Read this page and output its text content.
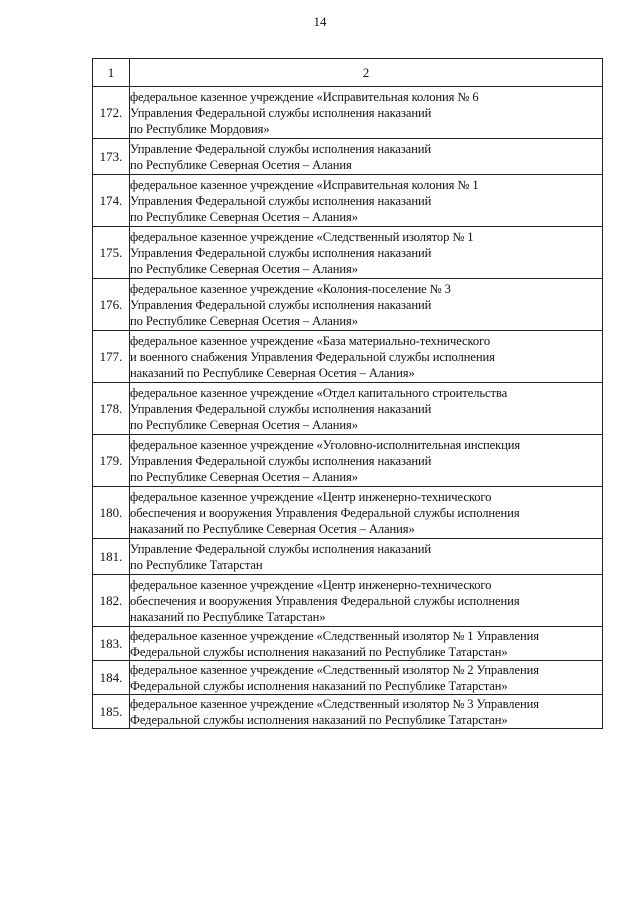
14
1	2
172.	федеральное казенное учреждение «Исправительная колония № 6
Управления Федеральной службы исполнения наказаний
по Республике Мордовия»

173.	Управление Федеральной службы исполнения наказаний
по Республике Северная Осетия – Алания

174.	федеральное казенное учреждение «Исправительная колония № 1
Управления Федеральной службы исполнения наказаний
по Республике Северная Осетия – Алания»

175.	федеральное казенное учреждение «Следственный изолятор № 1
Управления Федеральной службы исполнения наказаний
по Республике Северная Осетия – Алания»

176.	федеральное казенное учреждение «Колония-поселение № 3
Управления Федеральной службы исполнения наказаний
по Республике Северная Осетия – Алания»

177.	федеральное казенное учреждение «База материально-технического
и военного снабжения Управления Федеральной службы исполнения
наказаний по Республике Северная Осетия – Алания»

178.	федеральное казенное учреждение «Отдел капитального строительства
Управления Федеральной службы исполнения наказаний
по Республике Северная Осетия – Алания»

179.	федеральное казенное учреждение «Уголовно-исполнительная инспекция
Управления Федеральной службы исполнения наказаний
по Республике Северная Осетия – Алания»

180.	федеральное казенное учреждение «Центр инженерно-технического
обеспечения и вооружения Управления Федеральной службы исполнения
наказаний по Республике Северная Осетия – Алания»

181.	Управление Федеральной службы исполнения наказаний
по Республике Татарстан

182.	федеральное казенное учреждение «Центр инженерно-технического
обеспечения и вооружения Управления Федеральной службы исполнения
наказаний по Республике Татарстан»

183.	федеральное казенное учреждение «Следственный изолятор № 1 Управления
Федеральной службы исполнения наказаний по Республике Татарстан»

184.	федеральное казенное учреждение «Следственный изолятор № 2 Управления
Федеральной службы исполнения наказаний по Республике Татарстан»

185.	федеральное казенное учреждение «Следственный изолятор № 3 Управления
Федеральной службы исполнения наказаний по Республике Татарстан»
